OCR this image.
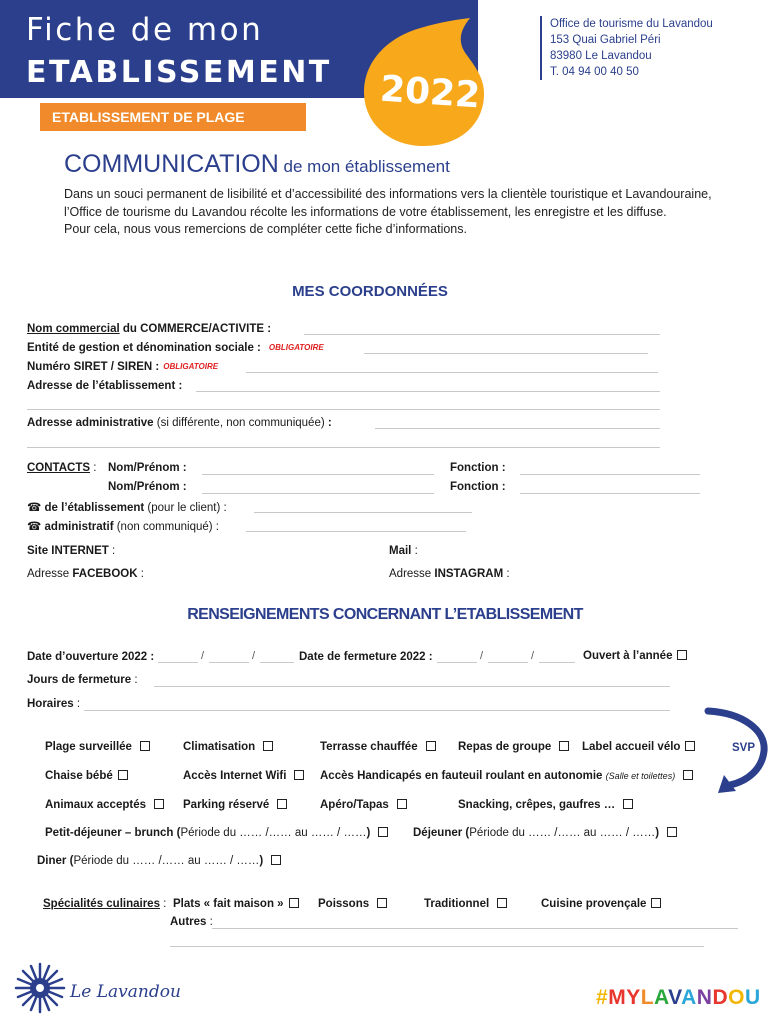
Fiche de mon
ETABLISSEMENT 2022
ETABLISSEMENT DE PLAGE
Office de tourisme du Lavandou
153 Quai Gabriel Péri
83980 Le Lavandou
T. 04 94 00 40 50
COMMUNICATION de mon établissement

Dans un souci permanent de lisibilité et d’accessibilité des informations vers la clientèle touristique et Lavandouraine, l’Office de tourisme du Lavandou récolte les informations de votre établissement, les enregistre et les diffuse.

Pour cela, nous vous remercions de compléter cette fiche d’informations.

MES COORDONNÉES
Nom commercial du COMMERCE/ACTIVITE :
Entité de gestion et dénomination sociale : OBLIGATOIRE
Numéro SIRET / SIREN : OBLIGATOIRE
Adresse de l’établissement :
Adresse administrative (si différente, non communiquée) :
CONTACTS : Nom/Prénom :	Fonction :
Nom/Prénom :	Fonction :
☎ de l’établissement (pour le client) :
☎ administratif (non communiqué) :
Site INTERNET :	Mail :
Adresse FACEBOOK :	Adresse INSTAGRAM :
RENSEIGNEMENTS CONCERNANT L’ETABLISSEMENT
Date d’ouverture 2022 :	/	/	Date de fermeture 2022 :	/	/	Ouvert à l’année
Jours de fermeture :
Horaires :
Plage surveillée	Climatisation	Terrasse chauffée	Repas de groupe	Label accueil vélo
Chaise bébé	Accès Internet Wifi	Accès Handicapés en fauteuil roulant en autonomie (Salle et toilettes)
Animaux acceptés	Parking réservé	Apéro/Tapas	Snacking, crêpes, gaufres …
Petit-déjeuner – brunch (Période du …… /…… au …… / ……)	Déjeuner (Période du …… /…… au …… / ……)
Diner (Période du …… /…… au …… / ……)
Spécialités culinaires : Plats « fait maison »	Poissons	Traditionnel	Cuisine provençale
Autres :
SVP
Le Lavandou	#MYLAVANDOU
